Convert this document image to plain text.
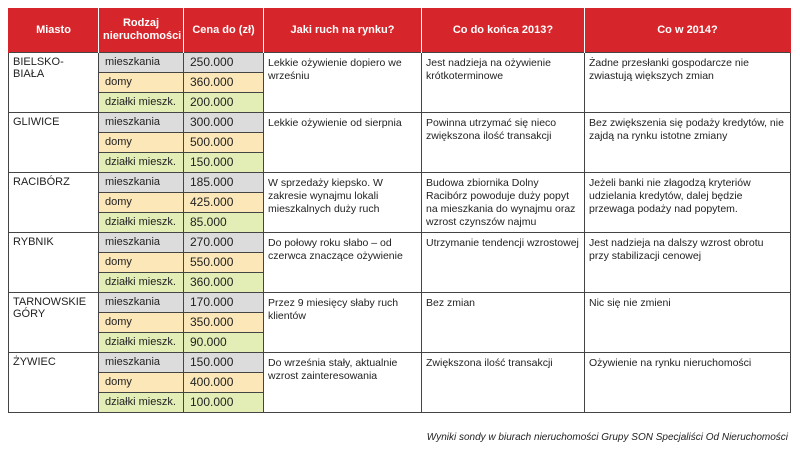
Miasto	Rodzaj nieruchomości	Cena do (zł)	Jaki ruch na rynku?	Co do końca 2013?	Co w 2014?
BIELSKO-BIAŁA	mieszkania	250.000	Lekkie ożywienie dopiero we wrześniu	Jest nadzieja na ożywienie krótkoterminowe	Żadne przesłanki gospodarcze nie zwiastują większych zmian
	domy	360.000			
	działki mieszk.	200.000			
GLIWICE	mieszkania	300.000	Lekkie ożywienie od sierpnia	Powinna utrzymać się nieco zwiększona ilość transakcji	Bez zwiększenia się podaży kredytów, nie zajdą na rynku istotne zmiany
	domy	500.000			
	działki mieszk.	150.000			
RACIBÓRZ	mieszkania	185.000	W sprzedaży kiepsko. W zakresie wynajmu lokali mieszkalnych duży ruch	Budowa zbiornika Dolny Racibórz powoduje duży popyt na mieszkania do wynajmu oraz wzrost czynszów najmu	Jeżeli banki nie złagodzą kryteriów udzielania kredytów, dalej będzie przewaga podaży nad popytem.
	domy	425.000			
	działki mieszk.	85.000			
RYBNIK	mieszkania	270.000	Do połowy roku słabo – od czerwca znaczące ożywienie	Utrzymanie tendencji wzrostowej	Jest nadzieja na dalszy wzrost obrotu przy stabilizacji cenowej
	domy	550.000			
	działki mieszk.	360.000			
TARNOWSKIE GÓRY	mieszkania	170.000	Przez 9 miesięcy słaby ruch klientów	Bez zmian	Nic się nie zmieni
	domy	350.000			
	działki mieszk.	90.000			
ŻYWIEC	mieszkania	150.000	Do września stały, aktualnie wzrost zainteresowania	Zwiększona ilość transakcji	Ożywienie na rynku nieruchomości
	domy	400.000			
	działki mieszk.	100.000			
Wyniki sondy w biurach nieruchomości Grupy SON Specjaliści Od Nieruchomości
